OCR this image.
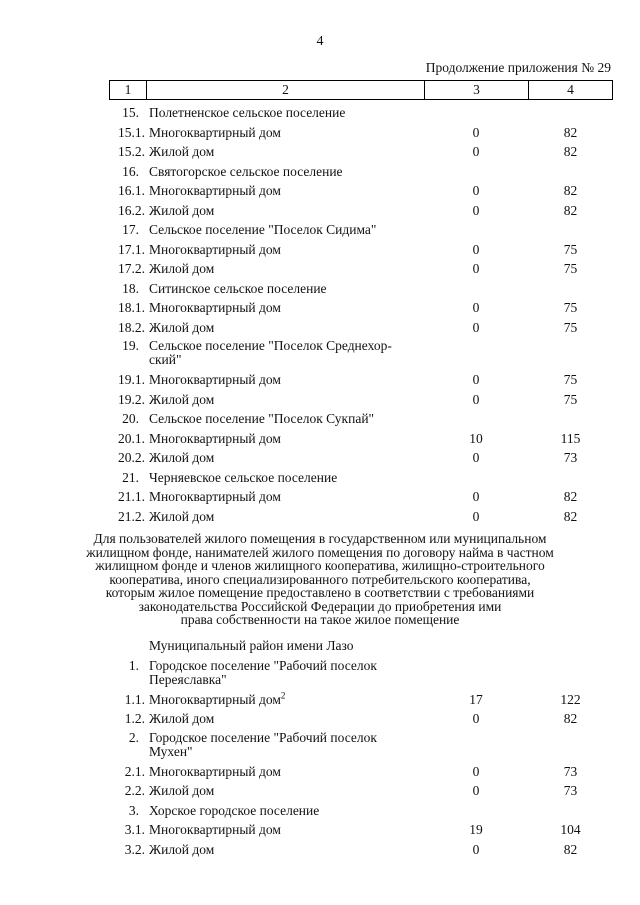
4
Продолжение приложения № 29
1	2	3	4
15. Полетненское сельское поселение
15.1. Многоквартирный дом	0	82
15.2. Жилой дом	0	82
16. Святогорское сельское поселение
16.1. Многоквартирный дом	0	82
16.2. Жилой дом	0	82
17. Сельское поселение "Поселок Сидима"
17.1. Многоквартирный дом	0	75
17.2. Жилой дом	0	75
18. Ситинское сельское поселение
18.1. Многоквартирный дом	0	75
18.2. Жилой дом	0	75
19. Сельское поселение "Поселок Среднехор-
ский"
19.1. Многоквартирный дом	0	75
19.2. Жилой дом	0	75
20. Сельское поселение "Поселок Сукпай"
20.1. Многоквартирный дом	10	115
20.2. Жилой дом	0	73
21. Черняевское сельское поселение
21.1. Многоквартирный дом	0	82
21.2. Жилой дом	0	82
Для пользователей жилого помещения в государственном или муниципальном
жилищном фонде, нанимателей жилого помещения по договору найма в частном
жилищном фонде и членов жилищного кооператива, жилищно-строительного
кооператива, иного специализированного потребительского кооператива,
которым жилое помещение предоставлено в соответствии с требованиями
законодательства Российской Федерации до приобретения ими
права собственности на такое жилое помещение
Муниципальный район имени Лазо
1. Городское поселение "Рабочий поселок
Переяславка"
1.1. Многоквартирный дом$^2$	17	122
1.2. Жилой дом	0	82
2. Городское поселение "Рабочий поселок
Мухен"
2.1. Многоквартирный дом	0	73
2.2. Жилой дом	0	73
3. Хорское городское поселение
3.1. Многоквартирный дом	19	104
3.2. Жилой дом	0	82
